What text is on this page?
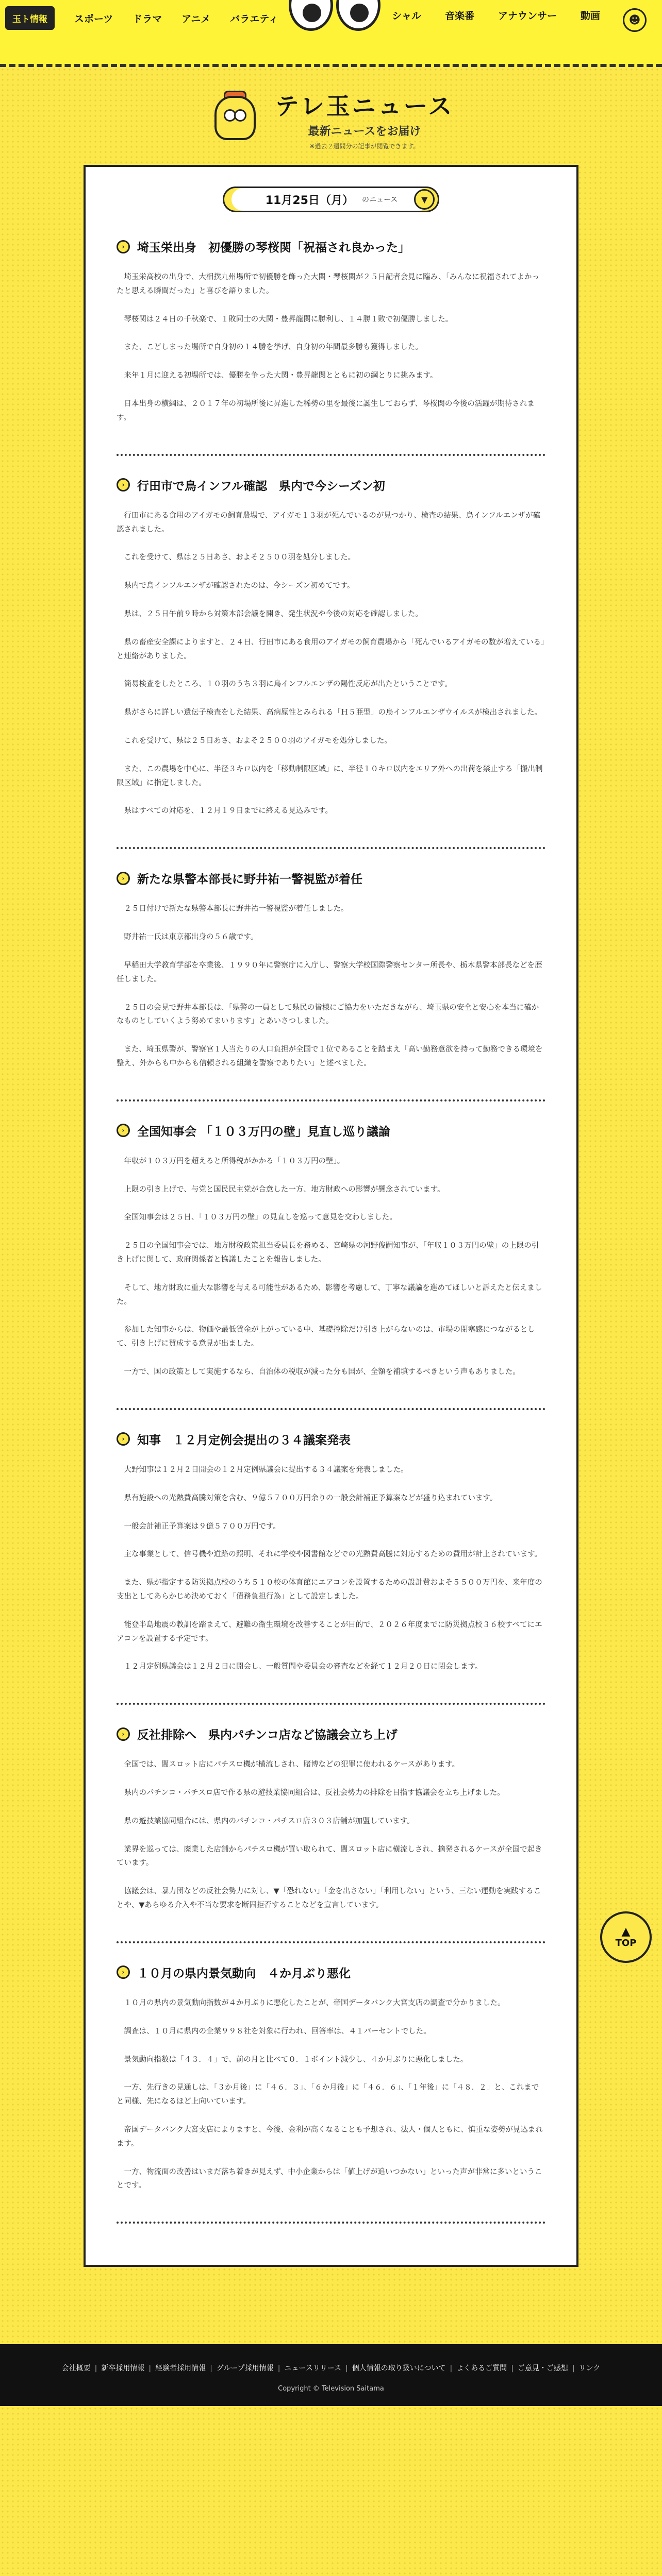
玉ト情報	スポーツ ドラマ アニメ バラエティ	シャル 音楽番 アナウンサー 動画	☻
テレ玉ニュース
最新ニュースをお届け
※過去２週間分の記事が閲覧できます。
11月25日（月） のニュース	▼
›	埼玉栄出身　初優勝の琴桜関「祝福され良かった」

埼玉栄高校の出身で、大相撲九州場所で初優勝を飾った大関・琴桜関が２５日記者会見に臨み、「みんなに祝福されてよかったと思える瞬間だった」と喜びを語りました。

琴桜関は２４日の千秋楽で、１敗同士の大関・豊昇龍関に勝利し、１４勝１敗で初優勝しました。

また、こどしまった場所で自身初の１４勝を挙げ、自身初の年間最多勝も獲得しました。

来年１月に迎える初場所では、優勝を争った大関・豊昇龍関とともに初の綱とりに挑みます。

日本出身の横綱は、２０１７年の初場所後に昇進した稀勢の里を最後に誕生しておらず、琴桜関の今後の活躍が期待されます。

›	行田市で鳥インフル確認　県内で今シーズン初

行田市にある食用のアイガモの飼育農場で、アイガモ１３羽が死んでいるのが見つかり、検査の結果、鳥インフルエンザが確認されました。

これを受けて、県は２５日あさ、およそ２５００羽を処分しました。

県内で鳥インフルエンザが確認されたのは、今シーズン初めてです。

県は、２５日午前９時から対策本部会議を開き、発生状況や今後の対応を確認しました。

県の畜産安全課によりますと、２４日、行田市にある食用のアイガモの飼育農場から「死んでいるアイガモの数が増えている」と連絡がありました。

簡易検査をしたところ、１０羽のうち３羽に鳥インフルエンザの陽性反応が出たということです。

県がさらに詳しい遺伝子検査をした結果、高病原性とみられる「Ｈ５亜型」の鳥インフルエンザウイルスが検出されました。

これを受けて、県は２５日あさ、およそ２５００羽のアイガモを処分しました。

また、この農場を中心に、半径３キロ以内を「移動制限区域」に、半径１０キロ以内をエリア外への出荷を禁止する「搬出制限区域」に指定しました。

県はすべての対応を、１２月１９日までに終える見込みです。

›	新たな県警本部長に野井祐一警視監が着任

２５日付けで新たな県警本部長に野井祐一警視監が着任しました。

野井祐一氏は東京都出身の５６歳です。

早稲田大学教育学部を卒業後、１９９０年に警察庁に入庁し、警察大学校国際警察センター所長や、栃木県警本部長などを歴任しました。

２５日の会見で野井本部長は、「県警の一員として県民の皆様にご協力をいただきながら、埼玉県の安全と安心を本当に確かなものとしていくよう努めてまいります」とあいさつしました。

また、埼玉県警が、警察官１人当たりの人口負担が全国で１位であることを踏まえ「高い勤務意欲を持って勤務できる環境を整え、外からも中からも信頼される組織を警察でありたい」と述べました。

›	全国知事会 「１０３万円の壁」見直し巡り議論

年収が１０３万円を超えると所得税がかかる「１０３万円の壁」。

上限の引き上げで、与党と国民民主党が合意した一方、地方財政への影響が懸念されています。

全国知事会は２５日、「１０３万円の壁」の見直しを巡って意見を交わしました。

２５日の全国知事会では、地方財税政策担当委員長を務める、宮崎県の河野俊嗣知事が、「年収１０３万円の壁」の上限の引き上げに関して、政府関係者と協議したことを報告しました。

そして、地方財政に重大な影響を与える可能性があるため、影響を考慮して、丁寧な議論を進めてほしいと訴えたと伝えました。

参加した知事からは、物価や最低賃金が上がっている中、基礎控除だけ引き上がらないのは、市場の閉塞感につながるとして、引き上げに賛成する意見が出ました。

一方で、国の政策として実施するなら、自治体の税収が減った分も国が、全額を補填するべきという声もありました。

›	知事　１２月定例会提出の３４議案発表

大野知事は１２月２日開会の１２月定例県議会に提出する３４議案を発表しました。

県有施設への光熱費高騰対策を含む、９億５７００万円余りの一般会計補正予算案などが盛り込まれています。

一般会計補正予算案は９億５７００万円です。

主な事業として、信号機や道路の照明、それに学校や図書館などでの光熱費高騰に対応するための費用が計上されています。

また、県が指定する防災拠点校のうち５１０校の体育館にエアコンを設置するための設計費およそ５５００万円を、来年度の支出としてあらかじめ決めておく「債務負担行為」として設定しました。

能登半島地震の教訓を踏まえて、避難の衛生環境を改善することが目的で、２０２６年度までに防災拠点校３６校すべてにエアコンを設置する予定です。

１２月定例県議会は１２月２日に開会し、一般質問や委員会の審査などを経て１２月２０日に閉会します。

›	反社排除へ　県内パチンコ店など協議会立ち上げ

全国では、闇スロット店にパチスロ機が横流しされ、賭博などの犯罪に使われるケースがあります。

県内のパチンコ・パチスロ店で作る県の遊技業協同組合は、反社会勢力の排除を目指す協議会を立ち上げました。

県の遊技業協同組合には、県内のパチンコ・パチスロ店３０３店舗が加盟しています。

業界を巡っては、廃業した店舗からパチスロ機が買い取られて、闇スロット店に横流しされ、摘発されるケースが全国で起きています。

協議会は、暴力団などの反社会勢力に対し、▼「恐れない」「金を出さない」「利用しない」という、三ない運動を実践することや、▼あらゆる介入や不当な要求を断固拒否することなどを宣言しています。

›	１０月の県内景気動向　４か月ぶり悪化

１０月の県内の景気動向指数が４か月ぶりに悪化したことが、帝国データバンク大宮支店の調査で分かりました。

調査は、１０月に県内の企業９９８社を対象に行われ、回答率は、４１パーセントでした。

景気動向指数は「４３．４」で、前の月と比べて０．１ポイント減少し、４か月ぶりに悪化しました。

一方、先行きの見通しは、「３か月後」に「４６．３」、「６か月後」に「４６．６」、「１年後」に「４８．２」と、これまでと同様、先になるほど上向いています。

帝国データバンク大宮支店によりますと、今後、金利が高くなることも予想され、法人・個人ともに、慎重な姿勢が見込まれます。

一方、物流面の改善はいまだ落ち着きが見えず、中小企業からは「値上げが追いつかない」といった声が非常に多いということです。

▲
TOP
会社概要 | 新卒採用情報 | 経験者採用情報 | グループ採用情報 | ニュースリリース | 個人情報の取り扱いについて | よくあるご質問 | ご意見・ご感想 | リンク
Copyright © Television Saitama
